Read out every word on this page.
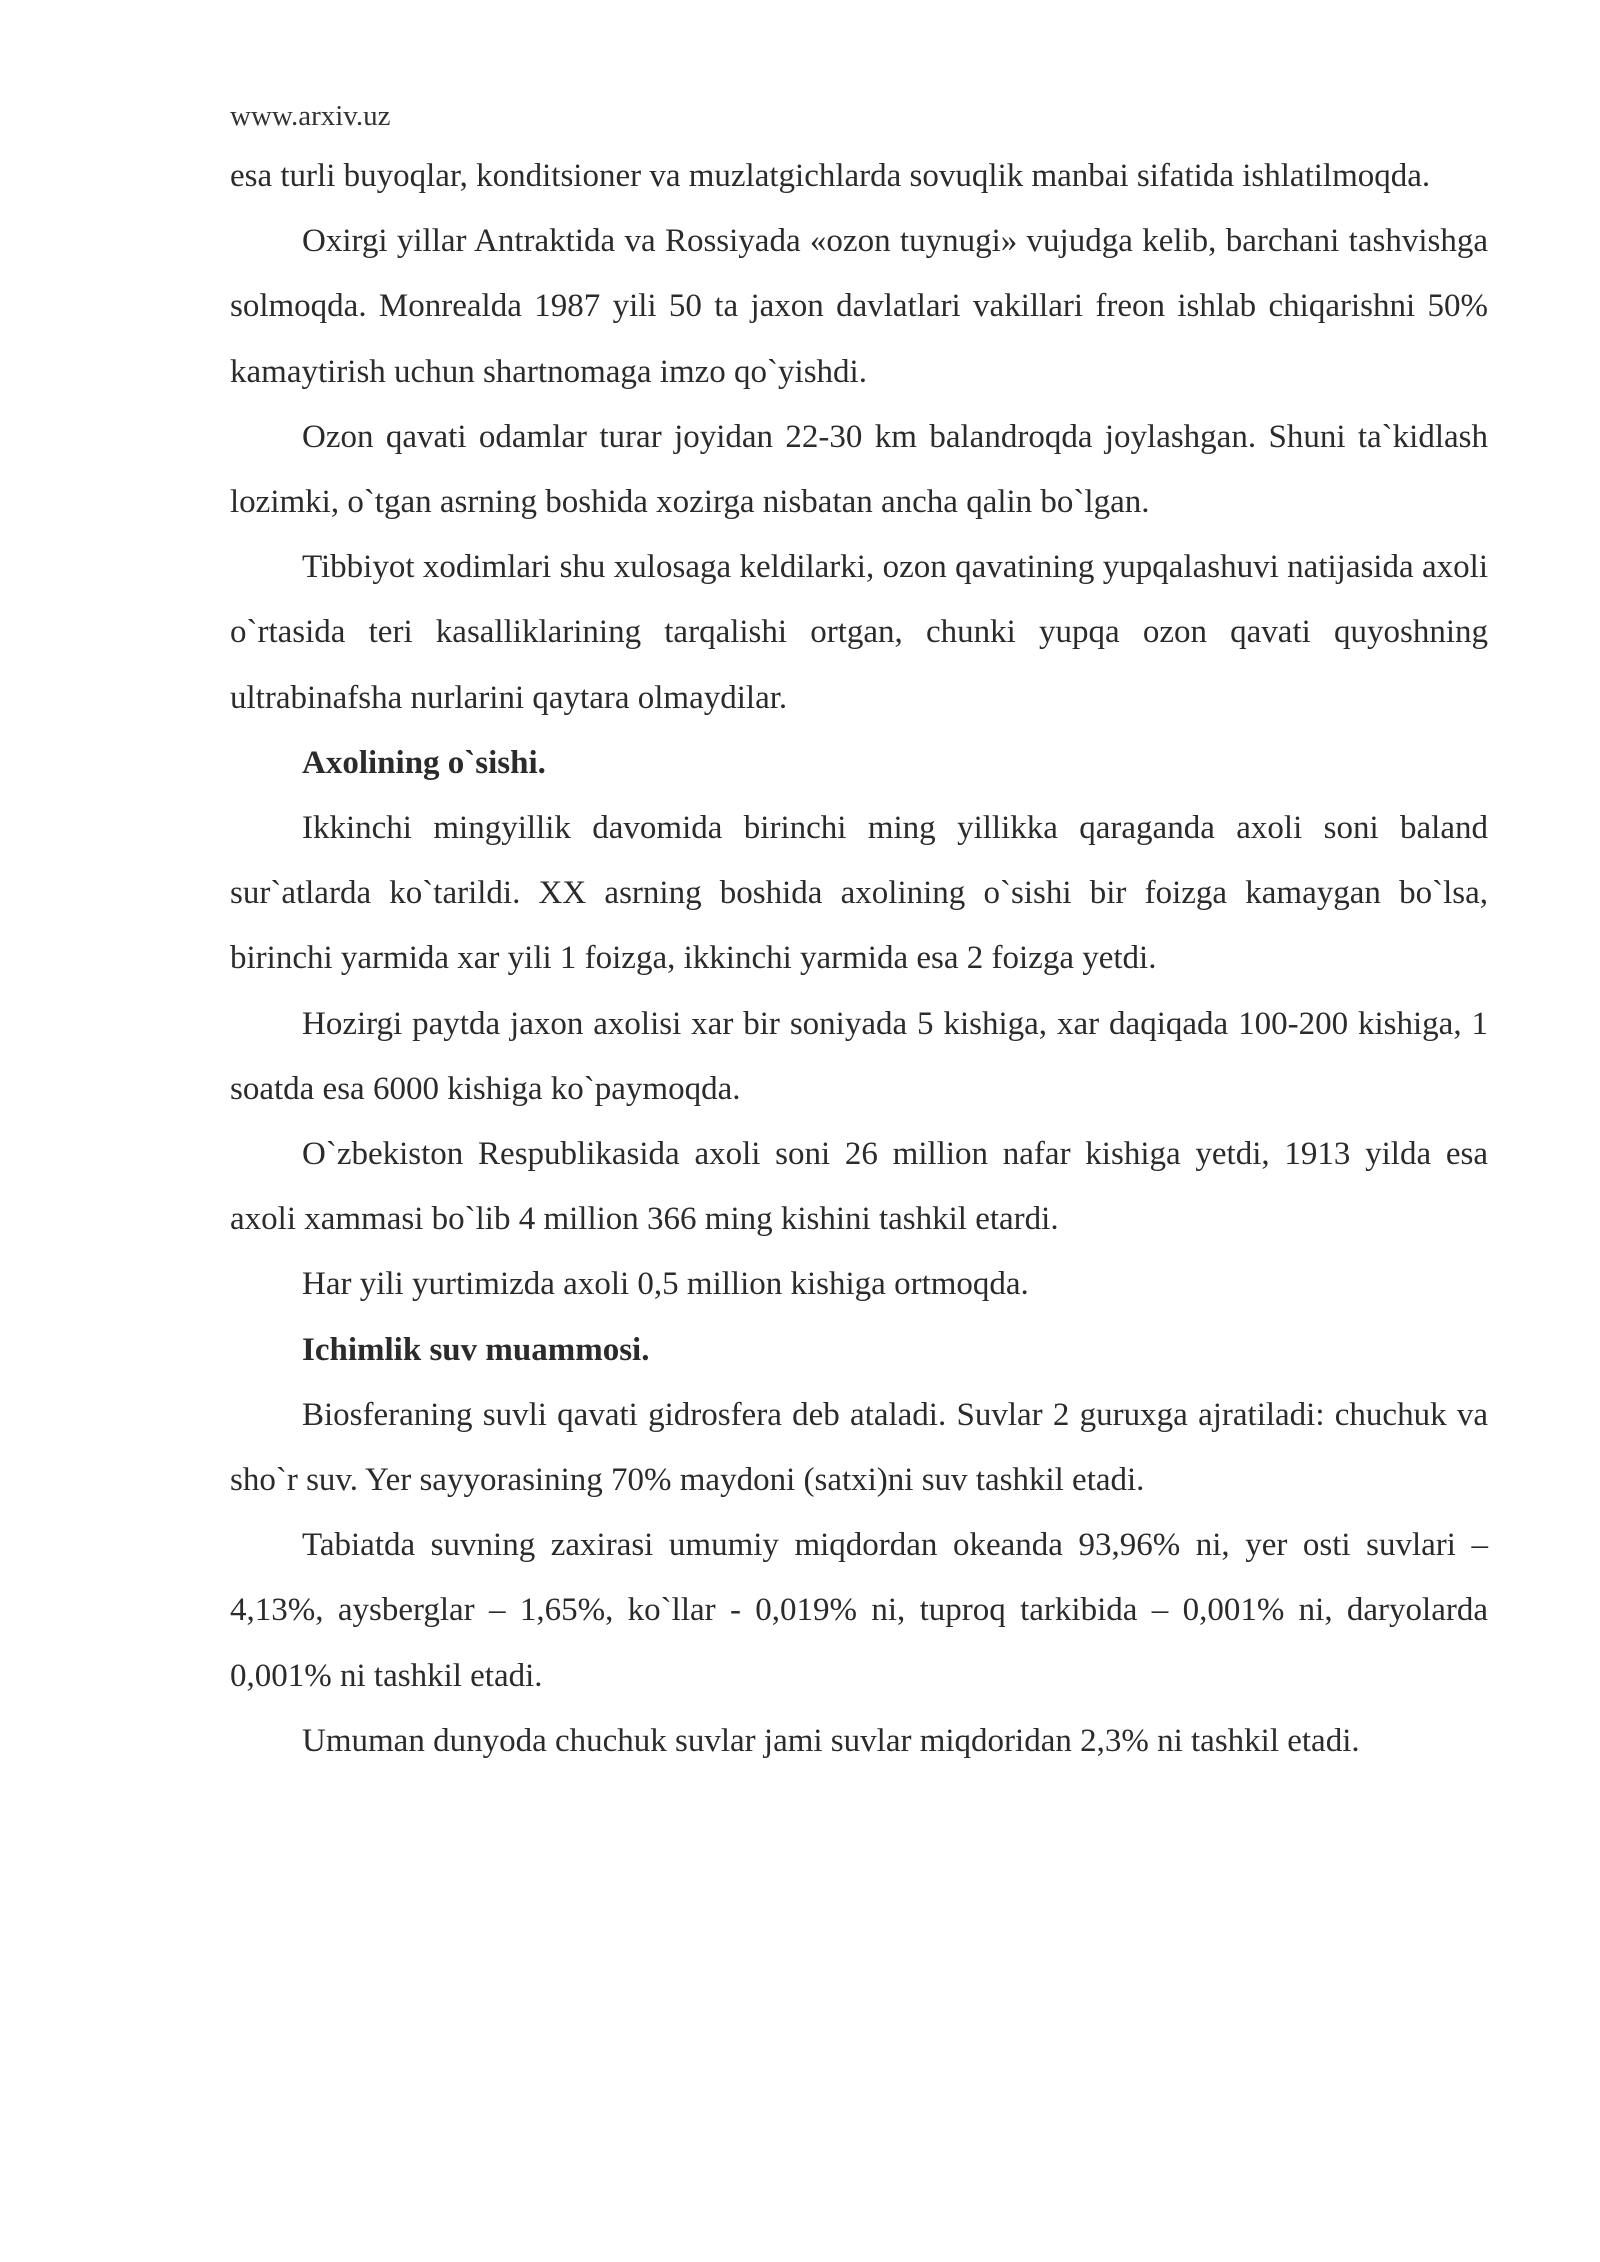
www.arxiv.uz

esa turli buyoqlar, konditsioner va muzlatgichlarda sovuqlik manbai sifatida ishlatilmoqda.

Oxirgi yillar Antraktida va Rossiyada «ozon tuynugi» vujudga kelib, barchani tashvishga solmoqda. Monrealda 1987 yili 50 ta jaxon davlatlari vakillari freon ishlab chiqarishni 50% kamaytirish uchun shartnomaga imzo qo`yishdi.

Ozon qavati odamlar turar joyidan 22-30 km balandroqda joylashgan. Shuni ta`kidlash lozimki, o`tgan asrning boshida xozirga nisbatan ancha qalin bo`lgan.

Tibbiyot xodimlari shu xulosaga keldilarki, ozon qavatining yupqalashuvi natijasida axoli o`rtasida teri kasalliklarining tarqalishi ortgan, chunki yupqa ozon qavati quyoshning ultrabinafsha nurlarini qaytara olmaydilar.

Axolining o`sishi.

Ikkinchi mingyillik davomida birinchi ming yillikka qaraganda axoli soni baland sur`atlarda ko`tarildi. XX asrning boshida axolining o`sishi bir foizga kamaygan bo`lsa, birinchi yarmida xar yili 1 foizga, ikkinchi yarmida esa 2 foizga yetdi.

Hozirgi paytda jaxon axolisi xar bir soniyada 5 kishiga, xar daqiqada 100-200 kishiga, 1 soatda esa 6000 kishiga ko`paymoqda.

O`zbekiston Respublikasida axoli soni 26 million nafar kishiga yetdi, 1913 yilda esa axoli xammasi bo`lib 4 million 366 ming kishini tashkil etardi.

Har yili yurtimizda axoli 0,5 million kishiga ortmoqda.

Ichimlik suv muammosi.

Biosferaning suvli qavati gidrosfera deb ataladi. Suvlar 2 guruxga ajratiladi: chuchuk va sho`r suv. Yer sayyorasining 70% maydoni (satxi)ni suv tashkil etadi.

Tabiatda suvning zaxirasi umumiy miqdordan okeanda 93,96% ni, yer osti suvlari – 4,13%, aysberglar – 1,65%, ko`llar - 0,019% ni, tuproq tarkibida – 0,001% ni, daryolarda 0,001% ni tashkil etadi.

Umuman dunyoda chuchuk suvlar jami suvlar miqdoridan 2,3% ni tashkil etadi.
